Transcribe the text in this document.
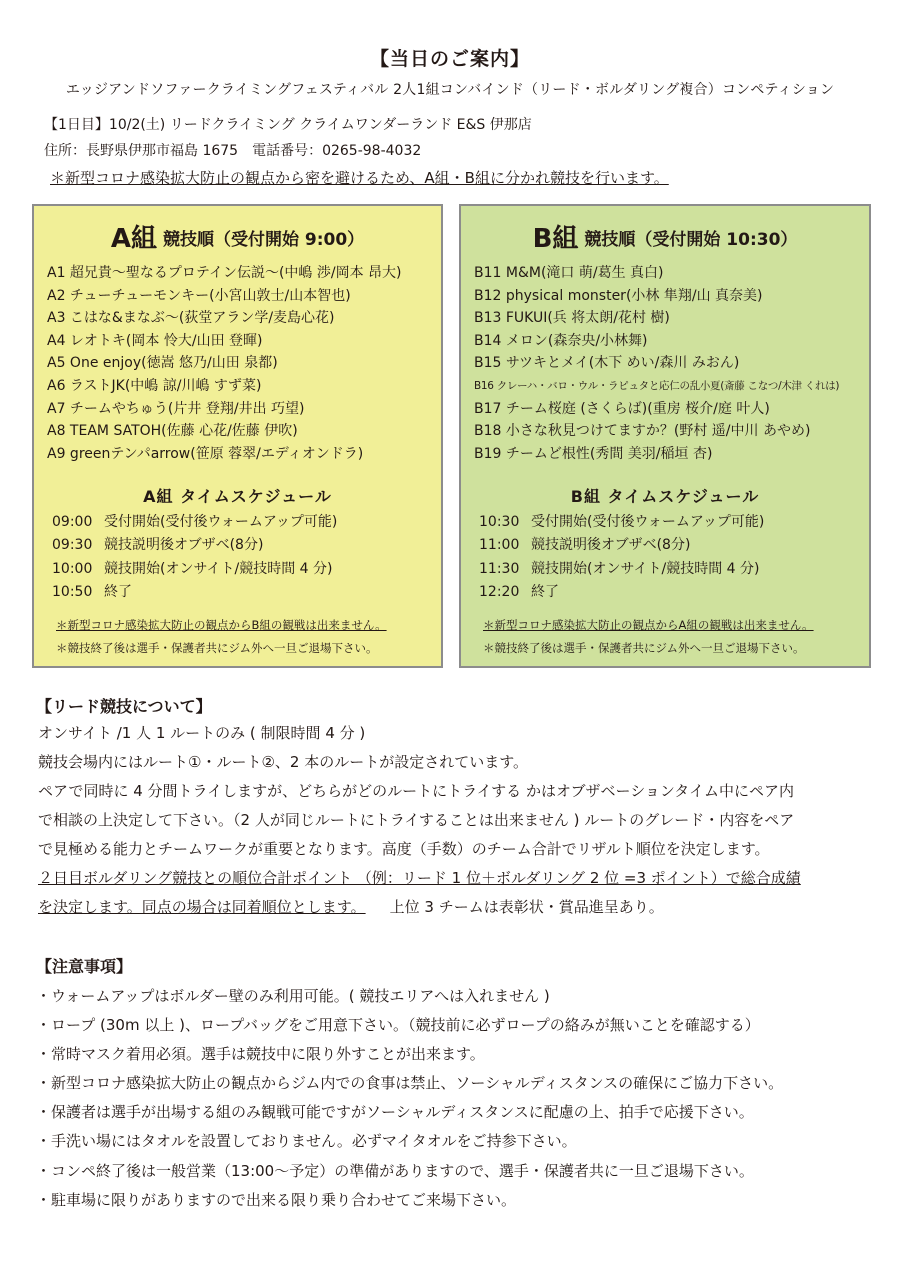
【当日のご案内】
エッジアンドソファークライミングフェスティバル 2人1組コンバインド（リード・ボルダリング複合）コンペティション
【1日目】10/2(土) リードクライミング クライムワンダーランド E&S 伊那店
住所：長野県伊那市福島 1675　電話番号：0265-98-4032
＊新型コロナ感染拡大防止の観点から密を避けるため、A組・B組に分かれ競技を行います。
A組 競技順（受付開始 9:00）
A1 超兄貴〜聖なるプロテイン伝説〜(中嶋 渉/岡本 昂大)
A2 チューチューモンキー(小宮山敦士/山本智也)
A3 こはな&まなぶ〜(荻堂アラン学/麦島心花)
A4 レオトキ(岡本 怜大/山田 登暉)
A5 One enjoy(徳嵩 悠乃/山田 泉都)
A6 ラストJK(中嶋 諒/川嶋 すず菜)
A7 チームやちゅう(片井 登翔/井出 巧望)
A8 TEAM SATOH(佐藤 心花/佐藤 伊吹)
A9 greenテンパarrow(笹原 蓉翠/エディオンドラ)
A組 タイムスケジュール
09:00 受付開始(受付後ウォームアップ可能)
09:30 競技説明後オブザベ(8分)
10:00 競技開始(オンサイト/競技時間 4 分)
10:50 終了
＊新型コロナ感染拡大防止の観点からB組の観戦は出来ません。
＊競技終了後は選手・保護者共にジム外へ一旦ご退場下さい。
B組 競技順（受付開始 10:30）
B11 M&M(滝口 萌/葛生 真白)
B12 physical monster(小林 隼翔/山 真奈美)
B13 FUKUI(兵 将太朗/花村 樹)
B14 メロン(森奈央/小林舞)
B15 サツキとメイ(木下 めい/森川 みおん)
B16 クレーハ・バロ・ウル・ラピュタと応仁の乱小夏(斎藤 こなつ/木津 くれは)
B17 チーム桜庭 (さくらば)(重房 桜介/庭 叶人)
B18 小さな秋見つけてますか？(野村 遥/中川 あやめ)
B19 チームど根性(秀間 美羽/稲垣 杏)
B組 タイムスケジュール
10:30 受付開始(受付後ウォームアップ可能)
11:00 競技説明後オブザベ(8分)
11:30 競技開始(オンサイト/競技時間 4 分)
12:20 終了
＊新型コロナ感染拡大防止の観点からA組の観戦は出来ません。
＊競技終了後は選手・保護者共にジム外へ一旦ご退場下さい。
【リード競技について】
オンサイト /1 人 1 ルートのみ ( 制限時間 4 分 )
競技会場内にはルート①・ルート②、2 本のルートが設定されています。
ペアで同時に 4 分間トライしますが、どちらがどのルートにトライする かはオブザベーションタイム中にペア内
で相談の上決定して下さい。（2 人が同じルートにトライすることは出来ません ) ルートのグレード・内容をペア
で見極める能力とチームワークが重要となります。高度（手数）のチーム合計でリザルト順位を決定します。
２日目ボルダリング競技との順位合計ポイント （例：リード 1 位＋ボルダリング 2 位 =3 ポイント）で総合成績
を決定します。同点の場合は同着順位とします。 上位 3 チームは表彰状・賞品進呈あり。
【注意事項】
・ウォームアップはボルダー壁のみ利用可能。( 競技エリアへは入れません )
・ロープ (30m 以上 )、ロープバッグをご用意下さい。（競技前に必ずロープの絡みが無いことを確認する）
・常時マスク着用必須。選手は競技中に限り外すことが出来ます。
・新型コロナ感染拡大防止の観点からジム内での食事は禁止、ソーシャルディスタンスの確保にご協力下さい。
・保護者は選手が出場する組のみ観戦可能ですがソーシャルディスタンスに配慮の上、拍手で応援下さい。
・手洗い場にはタオルを設置しておりません。必ずマイタオルをご持参下さい。
・コンペ終了後は一般営業（13:00〜予定）の準備がありますので、選手・保護者共に一旦ご退場下さい。
・駐車場に限りがありますので出来る限り乗り合わせてご来場下さい。
